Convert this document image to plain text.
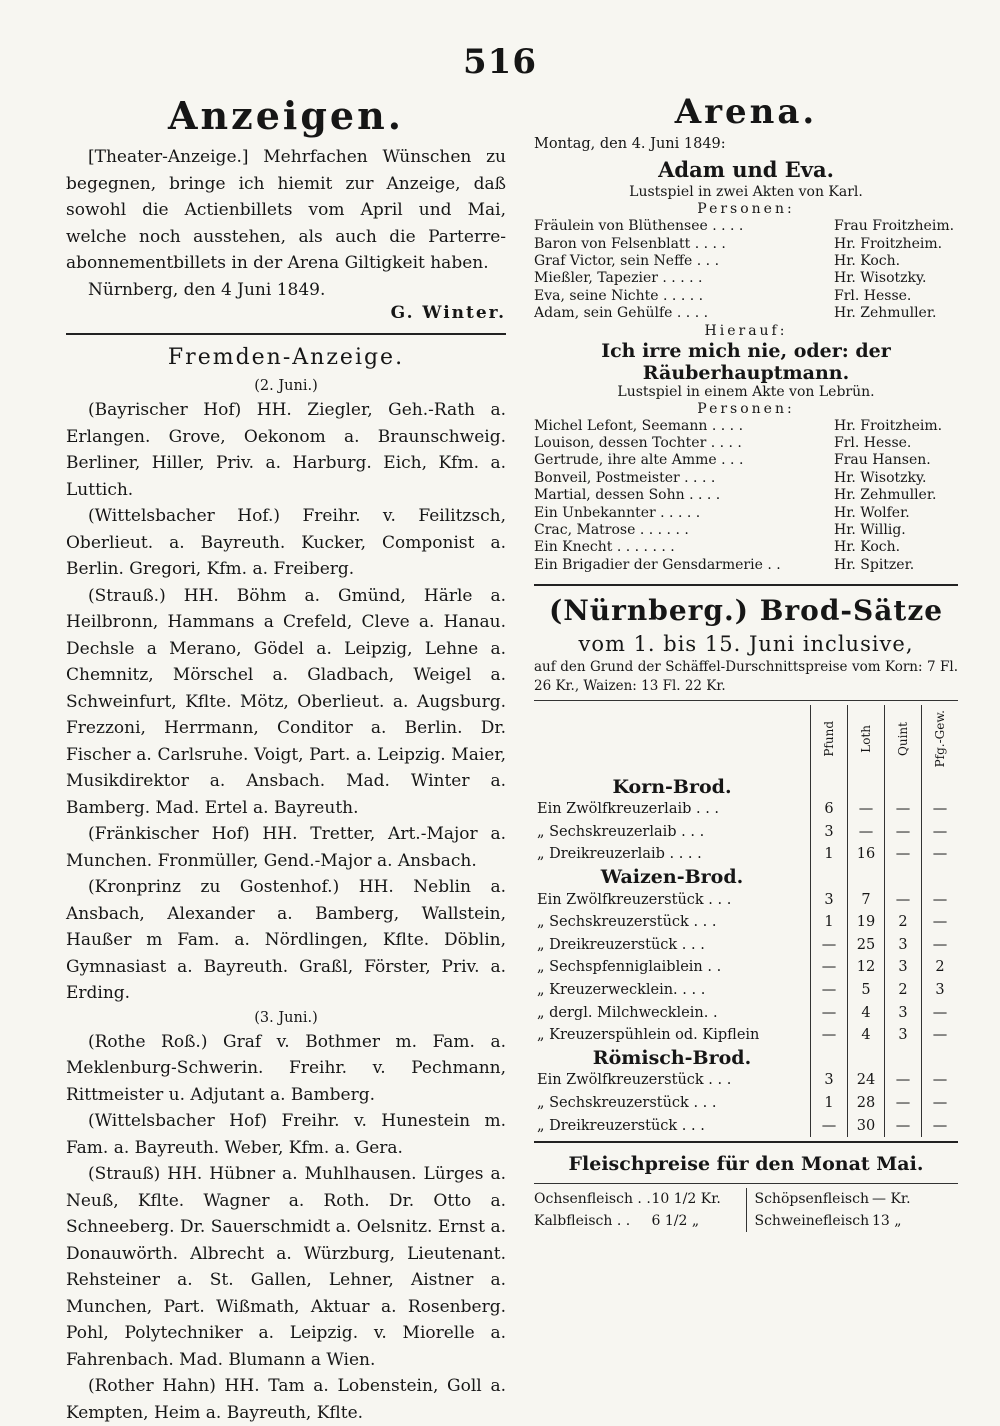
516
Anzeigen.
[Theater-Anzeige.] Mehrfachen Wünschen zu begegnen, bringe ich hiemit zur Anzeige, daß sowohl die Actienbillets vom April und Mai, welche noch ausstehen, als auch die Parterre-abonnementbillets in der Arena Giltigkeit haben.
Nürnberg, den 4 Juni 1849.
G. Winter.
Fremden-Anzeige.
(2. Juni.)
(Bayrischer Hof) HH. Ziegler, Geh.-Rath a. Erlangen. Grove, Oekonom a. Braunschweig. Berliner, Hiller, Priv. a. Harburg. Eich, Kfm. a. Luttich.
(Wittelsbacher Hof.) Freihr. v. Feilitzsch, Oberlieut. a. Bayreuth. Kucker, Componist a. Berlin. Gregori, Kfm. a. Freiberg.
(Strauß.) HH. Böhm a. Gmünd, Härle a. Heilbronn, Hammans a Crefeld, Cleve a. Hanau. Dechsle a Merano, Gödel a. Leipzig, Lehne a. Chemnitz, Mörschel a. Gladbach, Weigel a. Schweinfurt, Kflte. Mötz, Oberlieut. a. Augsburg. Frezzoni, Herrmann, Conditor a. Berlin. Dr. Fischer a. Carlsruhe. Voigt, Part. a. Leipzig. Maier, Musikdirektor a. Ansbach. Mad. Winter a. Bamberg. Mad. Ertel a. Bayreuth.
(Fränkischer Hof) HH. Tretter, Art.-Major a. Munchen. Fronmüller, Gend.-Major a. Ansbach.
(Kronprinz zu Gostenhof.) HH. Neblin a. Ansbach, Alexander a. Bamberg, Wallstein, Haußer m Fam. a. Nördlingen, Kflte. Döblin, Gymnasiast a. Bayreuth. Graßl, Förster, Priv. a. Erding.
(3. Juni.)
(Rothe Roß.) Graf v. Bothmer m. Fam. a. Meklenburg-Schwerin. Freihr. v. Pechmann, Rittmeister u. Adjutant a. Bamberg.
(Wittelsbacher Hof) Freihr. v. Hunestein m. Fam. a. Bayreuth. Weber, Kfm. a. Gera.
(Strauß) HH. Hübner a. Muhlhausen. Lürges a. Neuß, Kflte. Wagner a. Roth. Dr. Otto a. Schneeberg. Dr. Sauerschmidt a. Oelsnitz. Ernst a. Donauwörth. Albrecht a. Würzburg, Lieutenant. Rehsteiner a. St. Gallen, Lehner, Aistner a. Munchen, Part. Wißmath, Aktuar a. Rosenberg. Pohl, Polytechniker a. Leipzig. v. Miorelle a. Fahrenbach. Mad. Blumann a Wien.
(Rother Hahn) HH. Tam a. Lobenstein, Goll a. Kempten, Heim a. Bayreuth, Kflte.
Arena.
Montag, den 4. Juni 1849:
Adam und Eva.
Lustspiel in zwei Akten von Karl.
Personen:
Fräulein von Blüthensee . . . .	Frau Froitzheim.
Baron von Felsenblatt . . . .	Hr. Froitzheim.
Graf Victor, sein Neffe . . .	Hr. Koch.
Mießler, Tapezier . . . . .	Hr. Wisotzky.
Eva, seine Nichte . . . . .	Frl. Hesse.
Adam, sein Gehülfe . . . .	Hr. Zehmuller.
Hierauf:
Ich irre mich nie, oder: der Räuberhauptmann.
Lustspiel in einem Akte von Lebrün.
Personen:
Michel Lefont, Seemann . . . .	Hr. Froitzheim.
Louison, dessen Tochter . . . .	Frl. Hesse.
Gertrude, ihre alte Amme . . .	Frau Hansen.
Bonveil, Postmeister . . . .	Hr. Wisotzky.
Martial, dessen Sohn . . . .	Hr. Zehmuller.
Ein Unbekannter . . . . .	Hr. Wolfer.
Crac, Matrose . . . . . .	Hr. Willig.
Ein Knecht . . . . . . .	Hr. Koch.
Ein Brigadier der Gensdarmerie . .	Hr. Spitzer.
(Nürnberg.) Brod-Sätze
vom 1. bis 15. Juni inclusive,
auf den Grund der Schäffel-Durschnittspreise vom Korn: 7 Fl. 26 Kr., Waizen: 13 Fl. 22 Kr.
	Pfund	Loth	Quint	Pfg.-Gew.
Korn-Brod.				
Ein Zwölfkreuzerlaib . . .	6	—	—	—
„ Sechskreuzerlaib . . .	3	—	—	—
„ Dreikreuzerlaib . . . .	1	16	—	—
Waizen-Brod.				
Ein Zwölfkreuzerstück . . .	3	7	—	—
„ Sechskreuzerstück . . .	1	19	2	—
„ Dreikreuzerstück . . .	—	25	3	—
„ Sechspfenniglaiblein . .	—	12	3	2
„ Kreuzerwecklein. . . .	—	5	2	3
„ dergl. Milchwecklein. .	—	4	3	—
„ Kreuzerspühlein od. Kipflein	—	4	3	—
Römisch-Brod.				
Ein Zwölfkreuzerstück . . .	3	24	—	—
„ Sechskreuzerstück . . .	1	28	—	—
„ Dreikreuzerstück . . .	—	30	—	—
Fleischpreise für den Monat Mai.
Ochsenfleisch . . 10 1/2 Kr.	Schöpsenfleisch — Kr.
Kalbfleisch . .	6 1/2 „	Schweinefleisch 13 „
